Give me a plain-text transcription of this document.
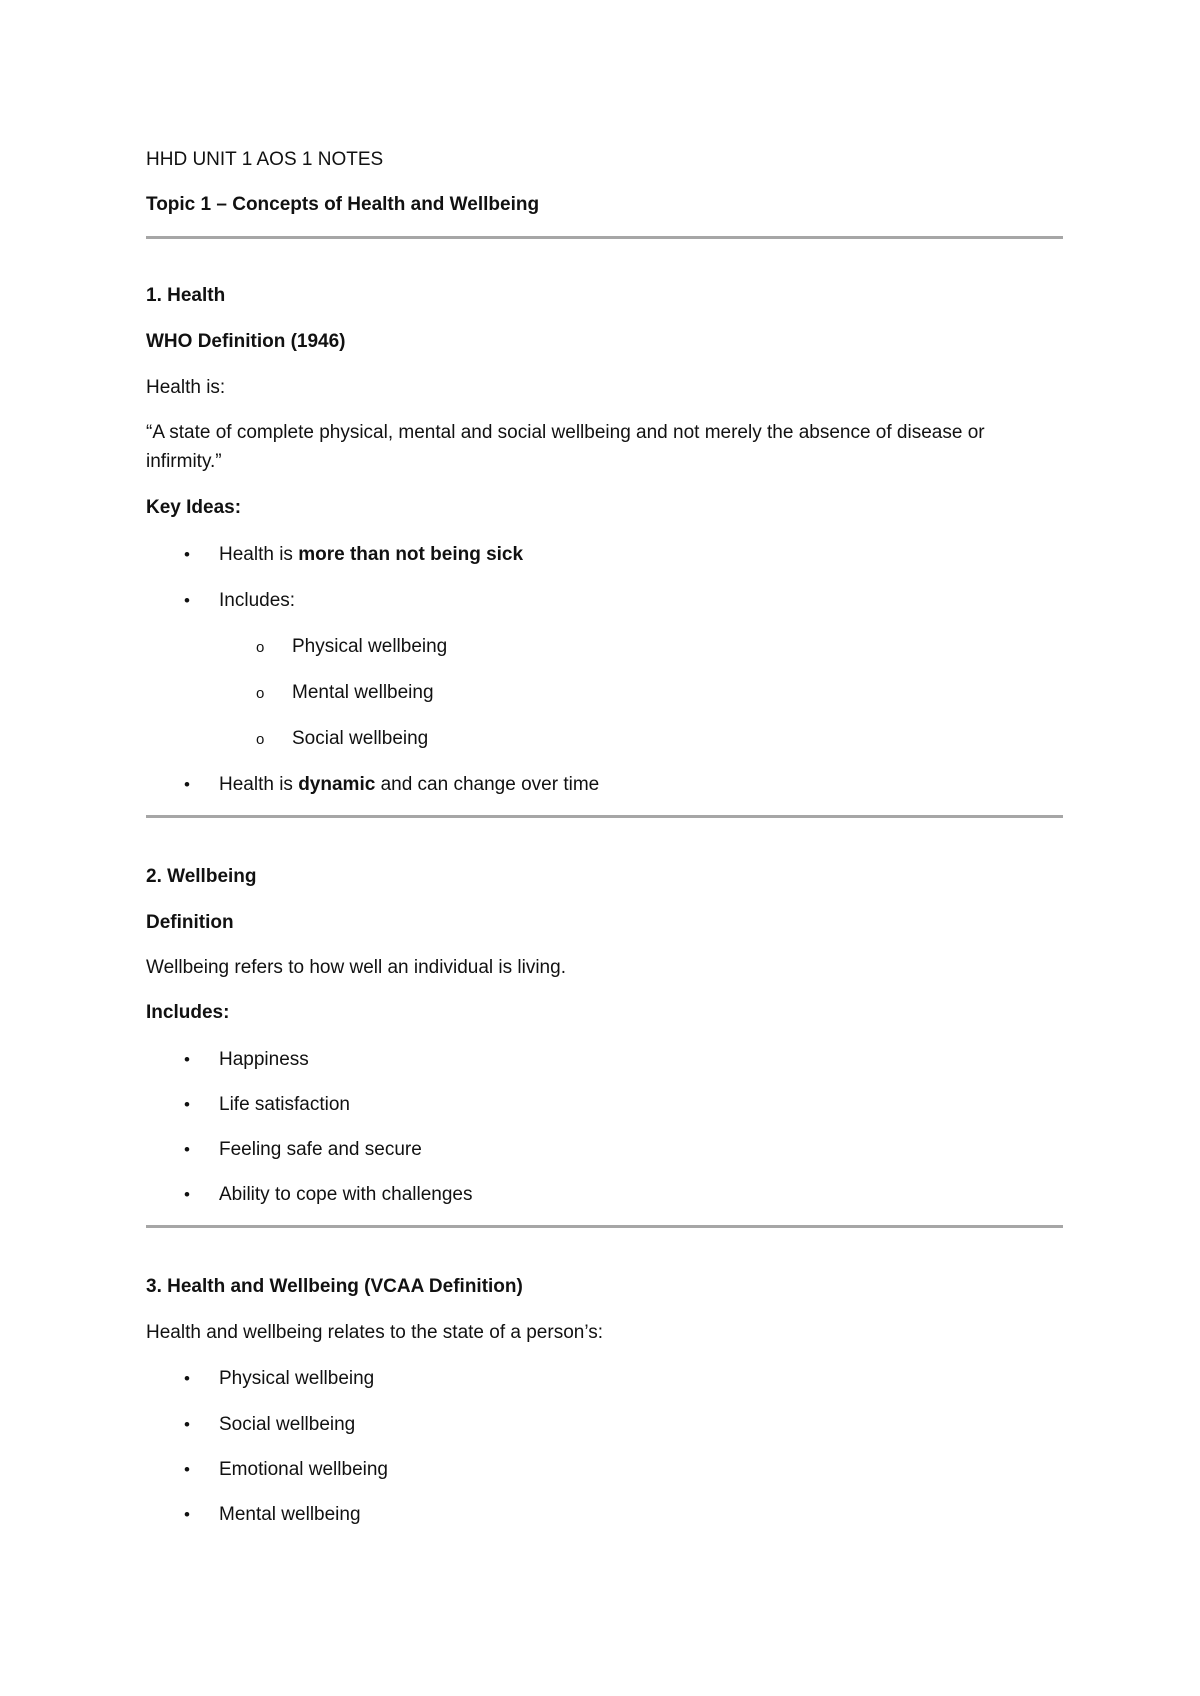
HHD UNIT 1 AOS 1 NOTES
Topic 1 – Concepts of Health and Wellbeing
1. Health
WHO Definition (1946)
Health is:
“A state of complete physical, mental and social wellbeing and not merely the absence of disease or
infirmity.”
Key Ideas:
• Health is more than not being sick
• Includes:
o Physical wellbeing
o Mental wellbeing
o Social wellbeing
• Health is dynamic and can change over time
2. Wellbeing
Definition
Wellbeing refers to how well an individual is living.
Includes:
• Happiness
• Life satisfaction
• Feeling safe and secure
• Ability to cope with challenges
3. Health and Wellbeing (VCAA Definition)
Health and wellbeing relates to the state of a person’s:
• Physical wellbeing
• Social wellbeing
• Emotional wellbeing
• Mental wellbeing
